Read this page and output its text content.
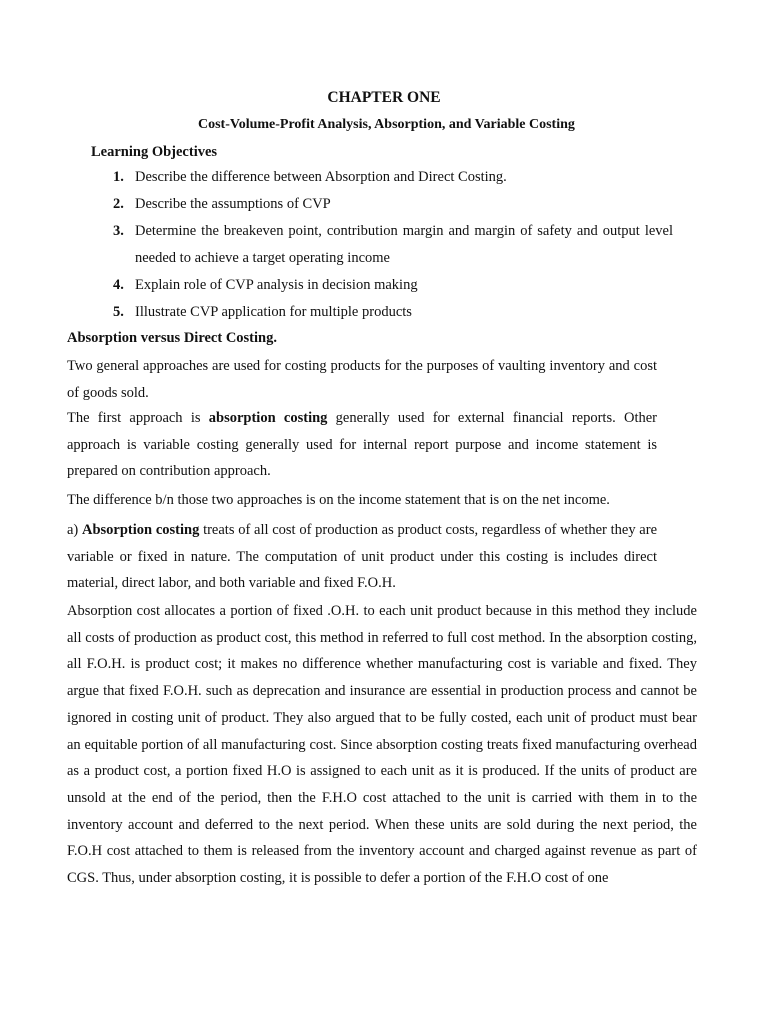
CHAPTER ONE
Cost-Volume-Profit Analysis, Absorption, and Variable Costing
Learning Objectives
1. Describe the difference between Absorption and Direct Costing.
2. Describe the assumptions of CVP
3. Determine the breakeven point, contribution margin and margin of safety and output level needed to achieve a target operating income
4. Explain role of CVP analysis in decision making
5. Illustrate CVP application for multiple products
Absorption versus Direct Costing.
Two general approaches are used for costing products for the purposes of vaulting inventory and cost of goods sold.
The first approach is absorption costing generally used for external financial reports. Other approach is variable costing generally used for internal report purpose and income statement is prepared on contribution approach.
The difference b/n those two approaches is on the income statement that is on the net income.
a) Absorption costing treats of all cost of production as product costs, regardless of whether they are variable or fixed in nature. The computation of unit product under this costing is includes direct material, direct labor, and both variable and fixed F.O.H.
Absorption cost allocates a portion of fixed .O.H. to each unit product because in this method they include all costs of production as product cost, this method in referred to full cost method. In the absorption costing, all F.O.H. is product cost; it makes no difference whether manufacturing cost is variable and fixed. They argue that fixed F.O.H. such as deprecation and insurance are essential in production process and cannot be ignored in costing unit of product. They also argued that to be fully costed, each unit of product must bear an equitable portion of all manufacturing cost. Since absorption costing treats fixed manufacturing overhead as a product cost, a portion fixed H.O is assigned to each unit as it is produced. If the units of product are unsold at the end of the period, then the F.H.O cost attached to the unit is carried with them in to the inventory account and deferred to the next period. When these units are sold during the next period, the F.O.H cost attached to them is released from the inventory account and charged against revenue as part of CGS. Thus, under absorption costing, it is possible to defer a portion of the F.H.O cost of one
